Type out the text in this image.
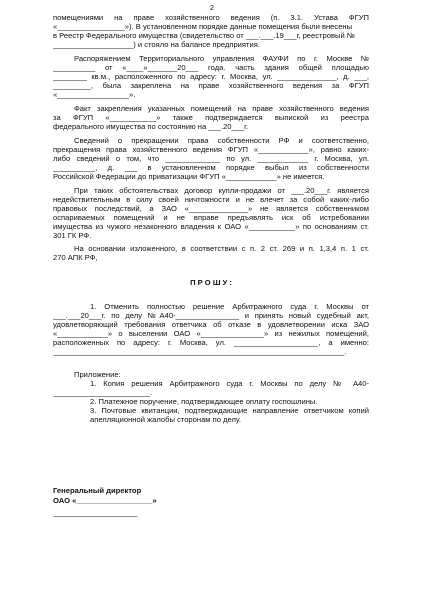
2
помещениями на праве хозяйственного ведения (п. 3.1. Устава ФГУП
«________________»). В установленном порядке данные помещения были внесены
в Реестр Федерального имущества (свидетельство от ___.___.19___г, реестровый №
___________________) и стояло на балансе предприятия.
Распоряжением Территориального управления ФАУФИ по г. Москве №
__________ от «____»_______20___ года. часть здания общей площадью
________ кв.м., расположенного по адресу: г. Москва, ул. ______________, д. ___,
_________, была закреплена на праве хозяйственного ведения за ФГУП
«_________________».
Факт закрепления указанных помещений на праве хозяйственного ведения
за ФГУП «___________» также подтверждается выпиской из реестра
федерального имущества по состоянию на ___.20___г.
Сведений о прекращении права собственности РФ и соответственно,
прекращения права хозяйственного ведения ФГУП «____________», равно каких-
либо сведений о том, что _____________ по ул. ____________ г. Москва, ул.
__________, д. ___ в установленном порядке выбыл из собственности
Российской Федерации до приватизации ФГУП «____________» не имеется.
При таких обстоятельствах договор купли-продажи от ___.20___г. является
недействительным в силу своей ничтожности и не влечет за собой каких-либо
правовых последствий, а ЗАО «______________» не является собственником
оспариваемых помещений и не вправе предъявлять иск об истребовании
имущества из чужого незаконного владения к ОАО «___________» по основаниям ст.
301 ГК РФ.
На основании изложенного, в соответствии с п. 2 ст. 269 и п. 1,3,4 п. 1 ст.
270 АПК РФ,
П Р О Ш У :
1. Отменить полностью решение Арбитражного суда г. Москвы от
___.___20___г. по делу №А40-_______________ и принять новый судебный акт,
удовлетворяющий требования ответчика об отказе в удовлетворении иска ЗАО
«____________» о выселении ОАО «_______________» из нежилых помещений,
расположенных по адресу: г. Москва, ул. ____________________, а именно:
_____________________________________________________________________.
Приложение:
1. Копия решения Арбитражного суда г. Москвы по делу № А40-
_______________________.
2. Платежное поручение, подтверждающее оплату госпошлины.
3. Почтовые квитанции, подтверждающие направление ответчиком копий
апелляционной жалобы сторонам по делу.
Генеральный директор
ОАО «__________________»
____________________
